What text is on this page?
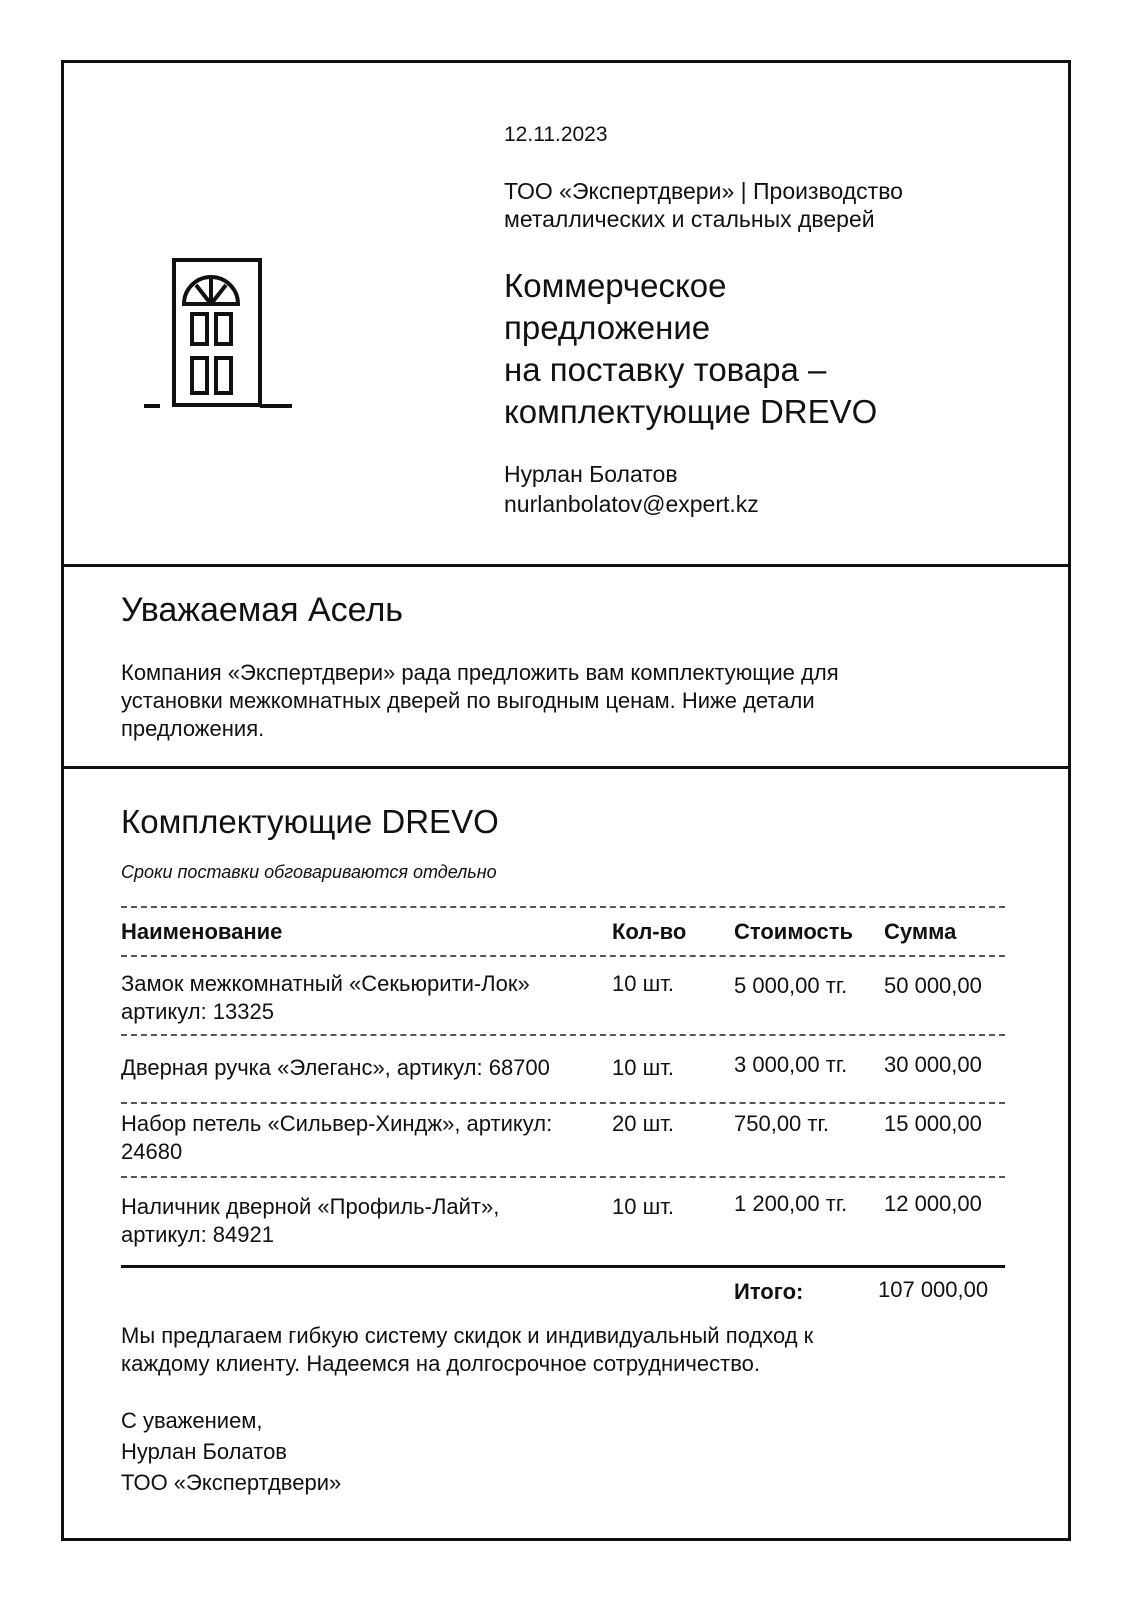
12.11.2023
ТОО «Экспертдвери» | Производство
металлических и стальных дверей
Коммерческое
предложение
на поставку товара –
комплектующие DREVO
Нурлан Болатов
nurlanbolatov@expert.kz
Уважаемая Асель
Компания «Экспертдвери» рада предложить вам комплектующие для
установки межкомнатных дверей по выгодным ценам. Ниже детали
предложения.
Комплектующие DREVO
Сроки поставки обговариваются отдельно
Наименование	Кол-во Стоимость Сумма
Замок межкомнатный «Секьюрити-Лок»
артикул: 13325
10 шт.	5 000,00 тг. 50 000,00
Дверная ручка «Элеганс», артикул: 68700	10 шт.	3 000,00 тг. 30 000,00
Набор петель «Сильвер-Хиндж», артикул:
24680
20 шт.	750,00 тг.	15 000,00
Наличник дверной «Профиль-Лайт»,
артикул: 84921
10 шт.	1 200,00 тг. 12 000,00
Итого:	107 000,00
Мы предлагаем гибкую систему скидок и индивидуальный подход к
каждому клиенту. Надеемся на долгосрочное сотрудничество.
С уважением,
Нурлан Болатов
ТОО «Экспертдвери»
